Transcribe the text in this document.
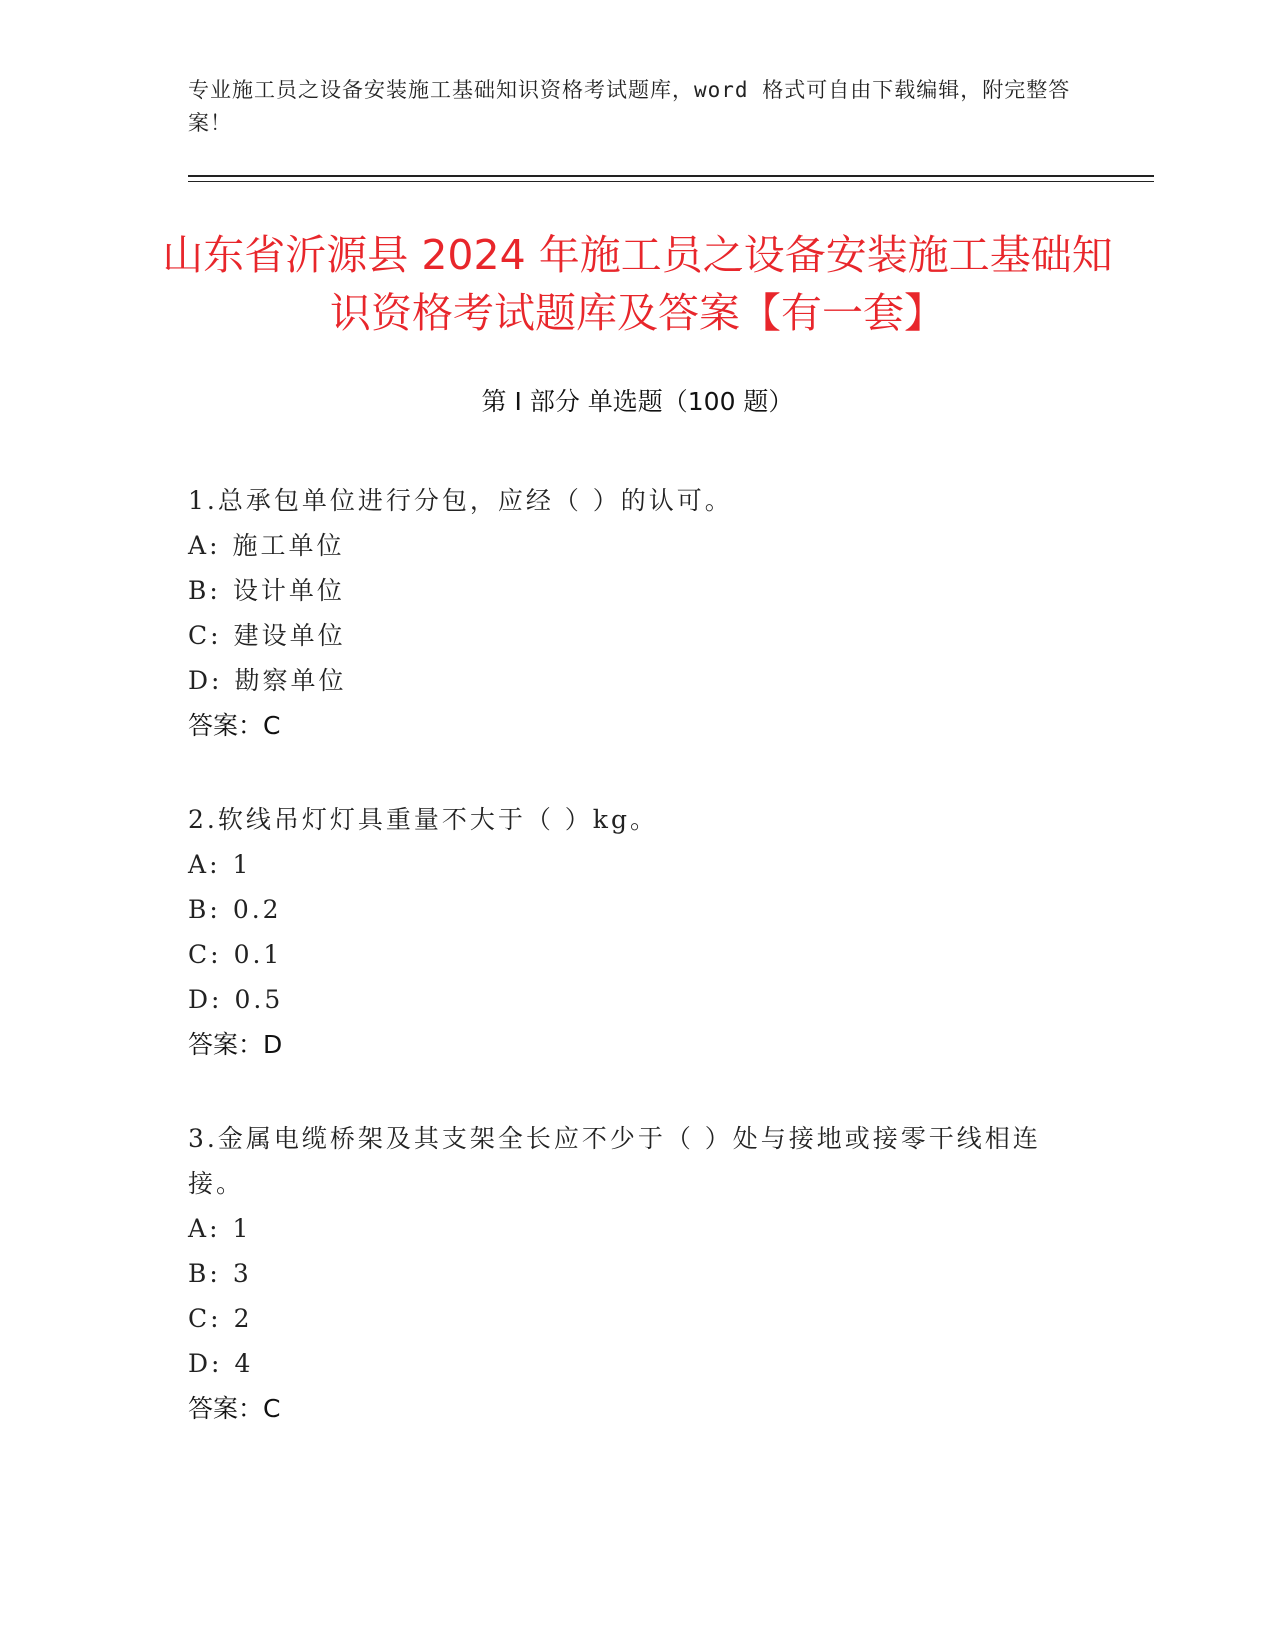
专业施工员之设备安装施工基础知识资格考试题库，word 格式可自由下载编辑，附完整答案！
山东省沂源县 2024 年施工员之设备安装施工基础知识资格考试题库及答案【有一套】
第 I 部分 单选题（100 题）

1.总承包单位进行分包，应经（ ）的认可。

A: 施工单位
B: 设计单位
C: 建设单位
D: 勘察单位
答案：C

2.软线吊灯灯具重量不大于（ ）kg。

A: 1
B: 0.2
C: 0.1
D: 0.5
答案：D

3.金属电缆桥架及其支架全长应不少于（ ）处与接地或接零干线相连接。

A: 1
B: 3
C: 2
D: 4
答案：C
